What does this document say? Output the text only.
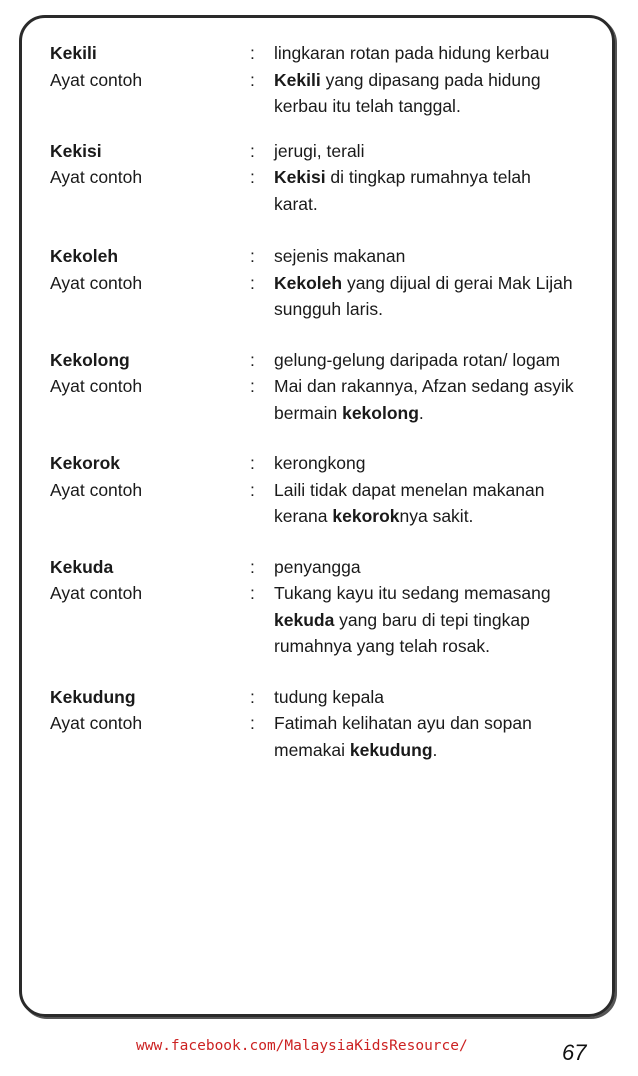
Kekili	:	lingkaran rotan pada hidung kerbau
Ayat contoh	:	Kekili yang dipasang pada hidung kerbau itu telah tanggal.
Kekisi	:	jerugi, terali
Ayat contoh	:	Kekisi di tingkap rumahnya telah karat.
Kekoleh	:	sejenis makanan
Ayat contoh	:	Kekoleh yang dijual di gerai Mak Lijah sungguh laris.
Kekolong	:	gelung-gelung daripada rotan/ logam
Ayat contoh	:	Mai dan rakannya, Afzan sedang asyik bermain kekolong.
Kekorok	:	kerongkong
Ayat contoh	:	Laili tidak dapat menelan makanan kerana kekoroknya sakit.
Kekuda	:	penyangga
Ayat contoh	:	Tukang kayu itu sedang memasang kekuda yang baru di tepi tingkap rumahnya yang telah rosak.
Kekudung	:	tudung kepala
Ayat contoh	:	Fatimah kelihatan ayu dan sopan memakai kekudung.
www.facebook.com/MalaysiaKidsResource/	67
